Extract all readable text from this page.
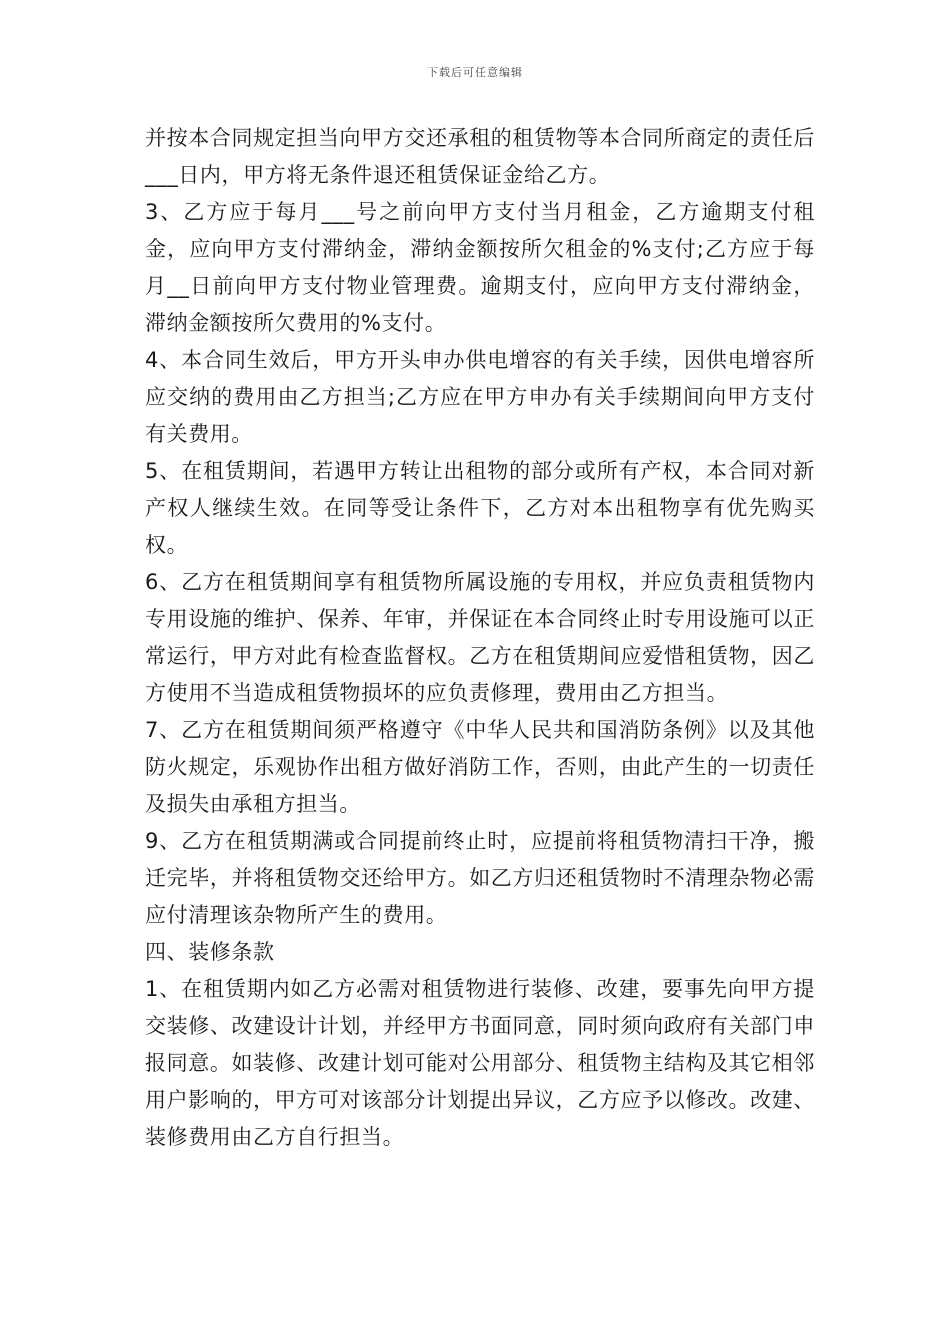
下载后可任意编辑

并按本合同规定担当向甲方交还承租的租赁物等本合同所商定的责任后___日内，甲方将无条件退还租赁保证金给乙方。

3、乙方应于每月___号之前向甲方支付当月租金，乙方逾期支付租金，应向甲方支付滞纳金，滞纳金额按所欠租金的%支付;乙方应于每月__日前向甲方支付物业管理费。逾期支付，应向甲方支付滞纳金，滞纳金额按所欠费用的%支付。

4、本合同生效后，甲方开头申办供电增容的有关手续，因供电增容所应交纳的费用由乙方担当;乙方应在甲方申办有关手续期间向甲方支付有关费用。

5、在租赁期间，若遇甲方转让出租物的部分或所有产权，本合同对新产权人继续生效。在同等受让条件下，乙方对本出租物享有优先购买权。

6、乙方在租赁期间享有租赁物所属设施的专用权，并应负责租赁物内专用设施的维护、保养、年审，并保证在本合同终止时专用设施可以正常运行，甲方对此有检查监督权。乙方在租赁期间应爱惜租赁物，因乙方使用不当造成租赁物损坏的应负责修理，费用由乙方担当。

7、乙方在租赁期间须严格遵守《中华人民共和国消防条例》以及其他防火规定，乐观协作出租方做好消防工作，否则，由此产生的一切责任及损失由承租方担当。

9、乙方在租赁期满或合同提前终止时，应提前将租赁物清扫干净，搬迁完毕，并将租赁物交还给甲方。如乙方归还租赁物时不清理杂物必需应付清理该杂物所产生的费用。

四、装修条款

1、在租赁期内如乙方必需对租赁物进行装修、改建，要事先向甲方提交装修、改建设计计划，并经甲方书面同意，同时须向政府有关部门申报同意。如装修、改建计划可能对公用部分、租赁物主结构及其它相邻用户影响的，甲方可对该部分计划提出异议，乙方应予以修改。改建、装修费用由乙方自行担当。
